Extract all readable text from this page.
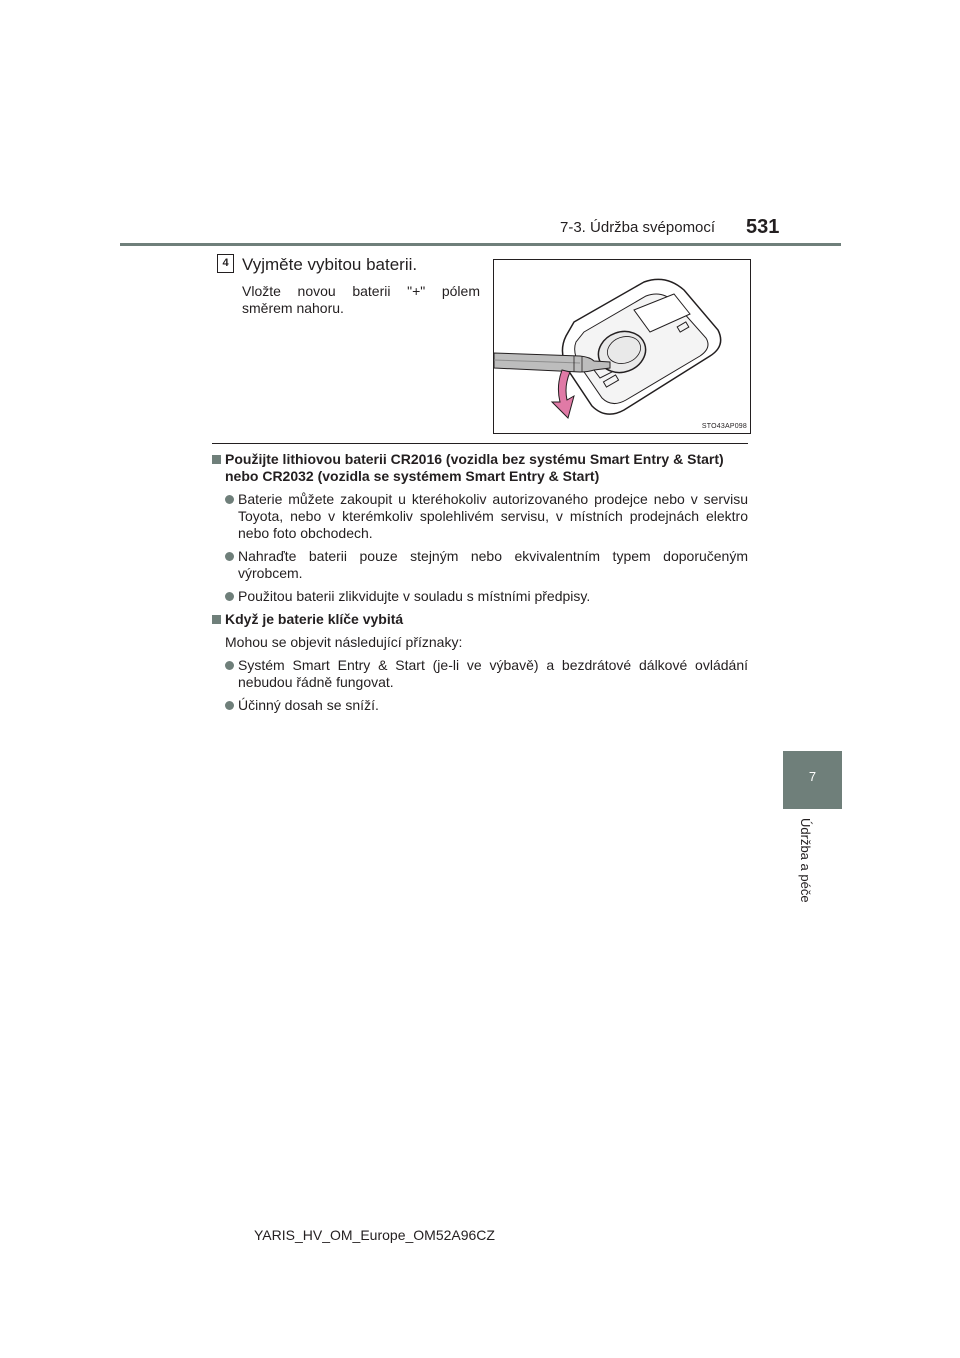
7-3. Údržba svépomocí 531
7
Údržba a péče
4 Vyjměte vybitou baterii.
Vložte novou baterii "+" pólem směrem nahoru.
STO43AP098
Použijte lithiovou baterii CR2016 (vozidla bez systému Smart Entry & Start) nebo CR2032 (vozidla se systémem Smart Entry & Start)
Baterie můžete zakoupit u kteréhokoliv autorizovaného prodejce nebo v servisu Toyota, nebo v kterémkoliv spolehlivém servisu, v místních prodejnách elektro nebo foto obchodech.
Nahraďte baterii pouze stejným nebo ekvivalentním typem doporučeným výrobcem.
Použitou baterii zlikvidujte v souladu s místními předpisy.
Když je baterie klíče vybitá
Mohou se objevit následující příznaky:
Systém Smart Entry & Start (je-li ve výbavě) a bezdrátové dálkové ovládání nebudou řádně fungovat.
Účinný dosah se sníží.
YARIS_HV_OM_Europe_OM52A96CZ
